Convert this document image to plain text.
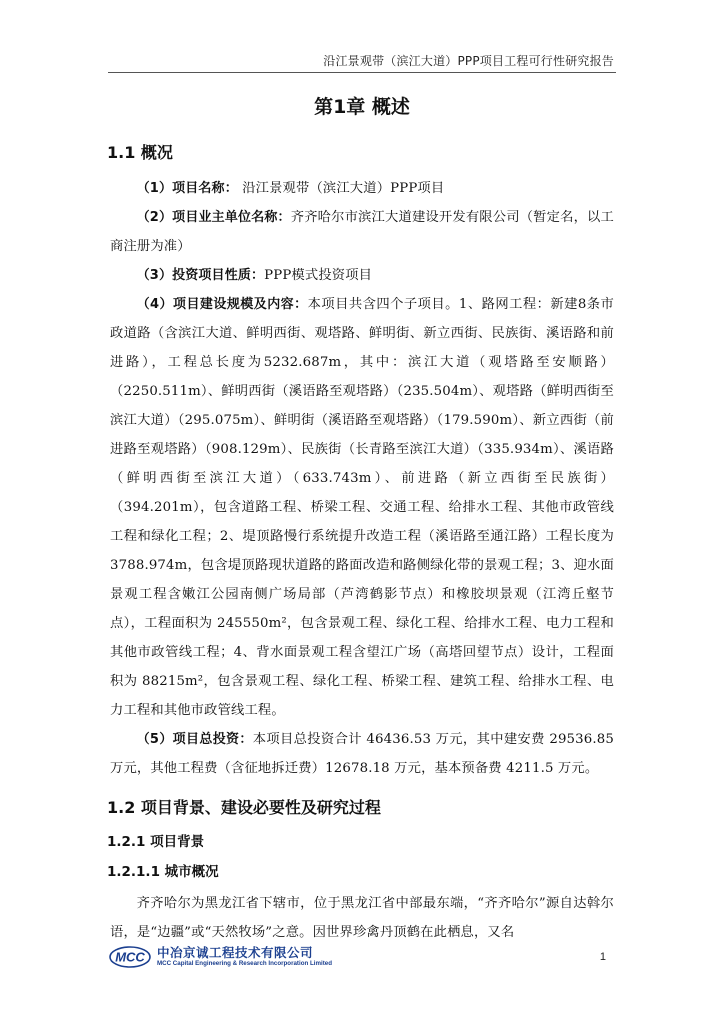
沿江景观带（滨江大道）PPP项目工程可行性研究报告
第1章 概述
1.1 概况

（1）项目名称： 沿江景观带（滨江大道）PPP项目

（2）项目业主单位名称：齐齐哈尔市滨江大道建设开发有限公司（暂定名，以工商注册为准）

（3）投资项目性质：PPP模式投资项目

（4）项目建设规模及内容：本项目共含四个子项目。1、路网工程：新建8条市政道路（含滨江大道、鲜明西街、观塔路、鲜明街、新立西街、民族街、溪语路和前进路），工程总长度为5232.687m，其中：滨江大道（观塔路至安顺路）（2250.511m）、鲜明西街（溪语路至观塔路）（235.504m）、观塔路（鲜明西街至滨江大道）（295.075m）、鲜明街（溪语路至观塔路）（179.590m）、新立西街（前进路至观塔路）（908.129m）、民族街（长青路至滨江大道）（335.934m）、溪语路（鲜明西街至滨江大道）（633.743m）、前进路（新立西街至民族街）（394.201m），包含道路工程、桥梁工程、交通工程、给排水工程、其他市政管线工程和绿化工程；2、堤顶路慢行系统提升改造工程（溪语路至通江路）工程长度为 3788.974m，包含堤顶路现状道路的路面改造和路侧绿化带的景观工程；3、迎水面景观工程含嫩江公园南侧广场局部（芦湾鹤影节点）和橡胶坝景观（江湾丘壑节点），工程面积为 245550m²，包含景观工程、绿化工程、给排水工程、电力工程和其他市政管线工程；4、背水面景观工程含望江广场（高塔回望节点）设计，工程面积为 88215m²，包含景观工程、绿化工程、桥梁工程、建筑工程、给排水工程、电力工程和其他市政管线工程。

（5）项目总投资：本项目总投资合计 46436.53 万元，其中建安费 29536.85 万元，其他工程费（含征地拆迁费）12678.18 万元，基本预备费 4211.5 万元。

1.2 项目背景、建设必要性及研究过程
1.2.1 项目背景
1.2.1.1 城市概况

齐齐哈尔为黑龙江省下辖市，位于黑龙江省中部最东端，“齐齐哈尔”源自达斡尔语，是“边疆”或“天然牧场”之意。因世界珍禽丹顶鹤在此栖息，又名

MCC 中冶京诚工程技术有限公司
MCC Capital Engineering & Research Incorporation Limited
1
